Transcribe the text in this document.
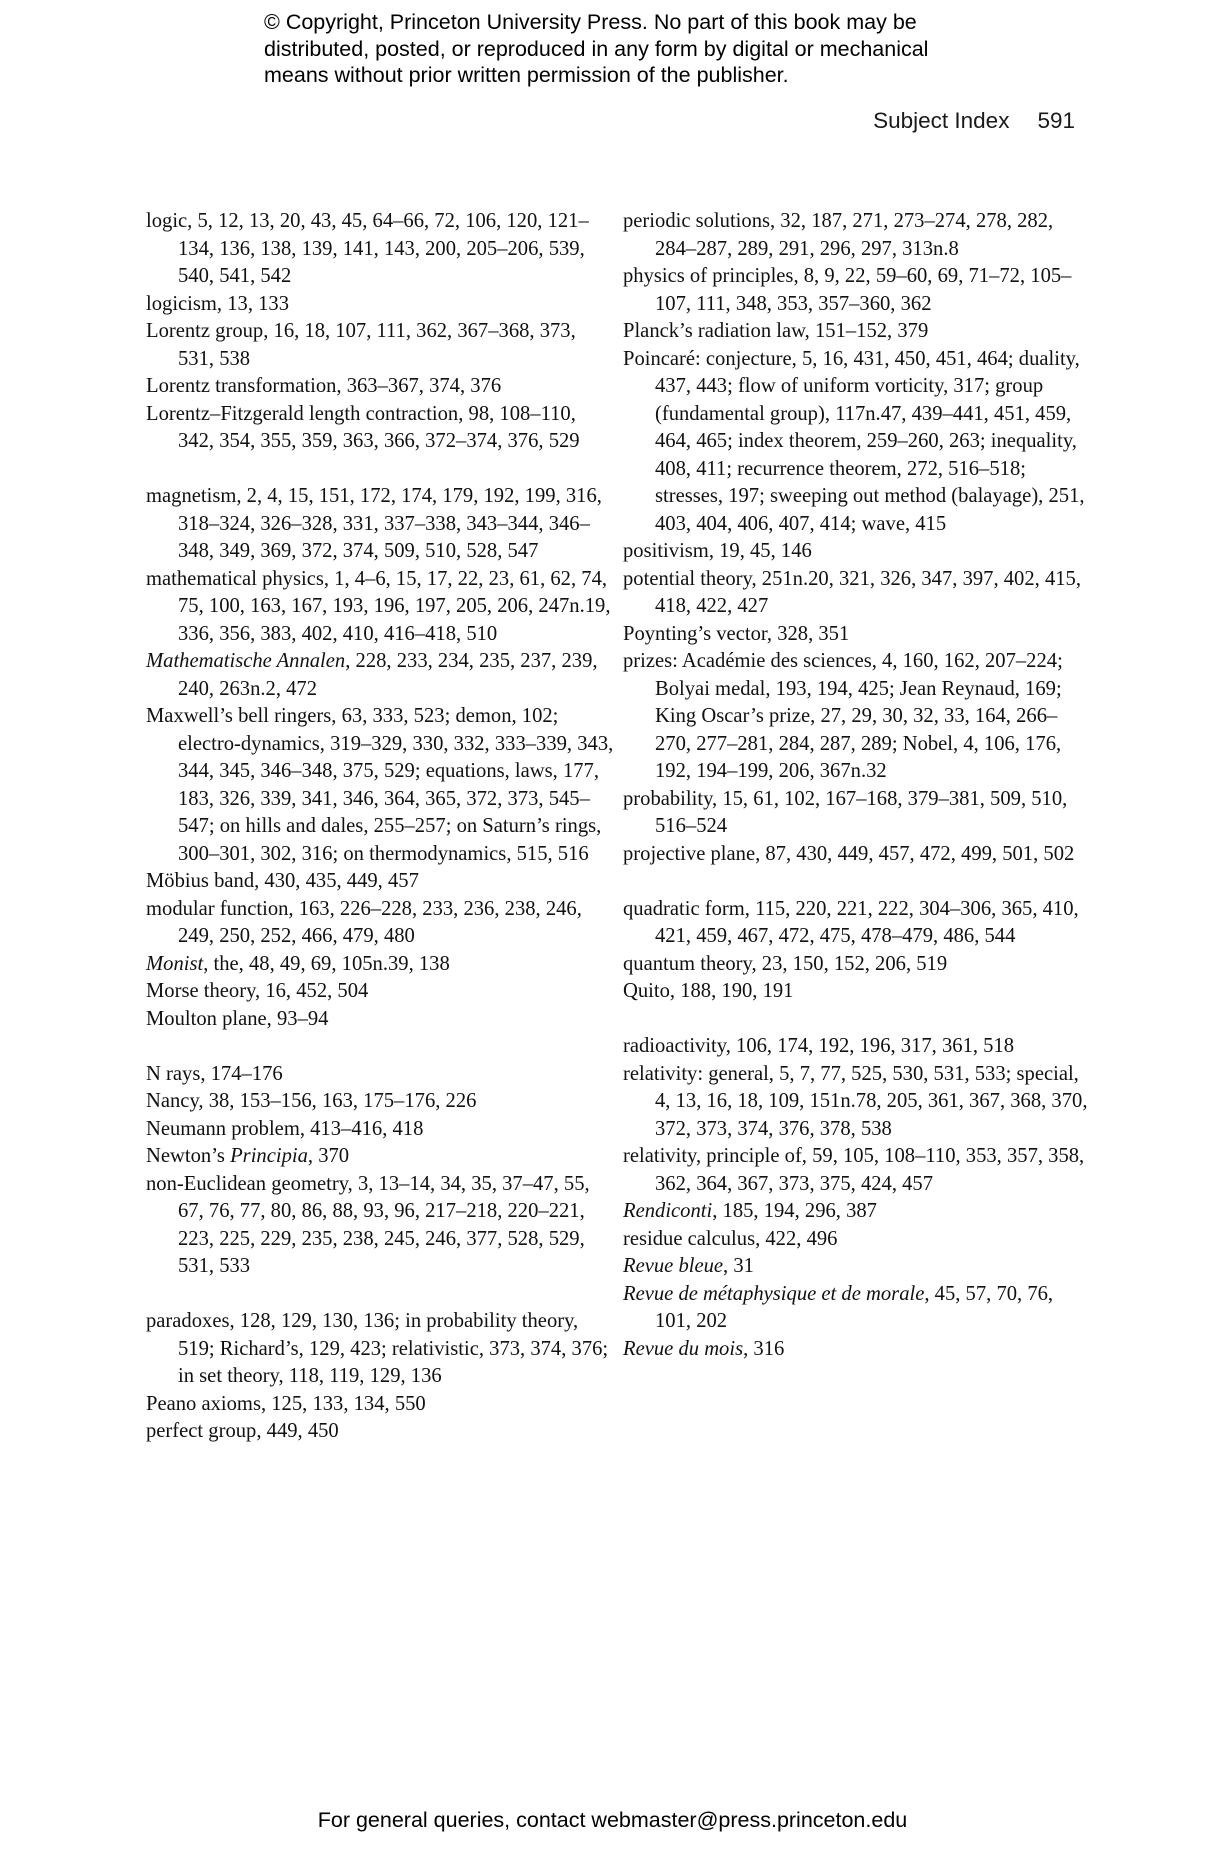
© Copyright, Princeton University Press. No part of this book may be
distributed, posted, or reproduced in any form by digital or mechanical
means without prior written permission of the publisher.
Subject Index 591
logic, 5, 12, 13, 20, 43, 45, 64–66, 72, 106, 120, 121–134, 136, 138, 139, 141, 143, 200, 205–206, 539, 540, 541, 542
logicism, 13, 133
Lorentz group, 16, 18, 107, 111, 362, 367–368, 373, 531, 538
Lorentz transformation, 363–367, 374, 376
Lorentz–Fitzgerald length contraction, 98, 108–110, 342, 354, 355, 359, 363, 366, 372–374, 376, 529
magnetism, 2, 4, 15, 151, 172, 174, 179, 192, 199, 316, 318–324, 326–328, 331, 337–338, 343–344, 346–348, 349, 369, 372, 374, 509, 510, 528, 547
mathematical physics, 1, 4–6, 15, 17, 22, 23, 61, 62, 74, 75, 100, 163, 167, 193, 196, 197, 205, 206, 247n.19, 336, 356, 383, 402, 410, 416–418, 510
Mathematische Annalen, 228, 233, 234, 235, 237, 239, 240, 263n.2, 472
Maxwell’s bell ringers, 63, 333, 523; demon, 102; electro-dynamics, 319–329, 330, 332, 333–339, 343, 344, 345, 346–348, 375, 529; equations, laws, 177, 183, 326, 339, 341, 346, 364, 365, 372, 373, 545–547; on hills and dales, 255–257; on Saturn’s rings, 300–301, 302, 316; on thermodynamics, 515, 516
Möbius band, 430, 435, 449, 457
modular function, 163, 226–228, 233, 236, 238, 246, 249, 250, 252, 466, 479, 480
Monist, the, 48, 49, 69, 105n.39, 138
Morse theory, 16, 452, 504
Moulton plane, 93–94
N rays, 174–176
Nancy, 38, 153–156, 163, 175–176, 226
Neumann problem, 413–416, 418
Newton’s Principia, 370
non-Euclidean geometry, 3, 13–14, 34, 35, 37–47, 55, 67, 76, 77, 80, 86, 88, 93, 96, 217–218, 220–221, 223, 225, 229, 235, 238, 245, 246, 377, 528, 529, 531, 533
paradoxes, 128, 129, 130, 136; in probability theory, 519; Richard’s, 129, 423; relativistic, 373, 374, 376; in set theory, 118, 119, 129, 136
Peano axioms, 125, 133, 134, 550
perfect group, 449, 450
periodic solutions, 32, 187, 271, 273–274, 278, 282, 284–287, 289, 291, 296, 297, 313n.8
physics of principles, 8, 9, 22, 59–60, 69, 71–72, 105–107, 111, 348, 353, 357–360, 362
Planck’s radiation law, 151–152, 379
Poincaré: conjecture, 5, 16, 431, 450, 451, 464; duality, 437, 443; flow of uniform vorticity, 317; group (fundamental group), 117n.47, 439–441, 451, 459, 464, 465; index theorem, 259–260, 263; inequality, 408, 411; recurrence theorem, 272, 516–518; stresses, 197; sweeping out method (balayage), 251, 403, 404, 406, 407, 414; wave, 415
positivism, 19, 45, 146
potential theory, 251n.20, 321, 326, 347, 397, 402, 415, 418, 422, 427
Poynting’s vector, 328, 351
prizes: Académie des sciences, 4, 160, 162, 207–224; Bolyai medal, 193, 194, 425; Jean Reynaud, 169; King Oscar’s prize, 27, 29, 30, 32, 33, 164, 266–270, 277–281, 284, 287, 289; Nobel, 4, 106, 176, 192, 194–199, 206, 367n.32
probability, 15, 61, 102, 167–168, 379–381, 509, 510, 516–524
projective plane, 87, 430, 449, 457, 472, 499, 501, 502
quadratic form, 115, 220, 221, 222, 304–306, 365, 410, 421, 459, 467, 472, 475, 478–479, 486, 544
quantum theory, 23, 150, 152, 206, 519
Quito, 188, 190, 191
radioactivity, 106, 174, 192, 196, 317, 361, 518
relativity: general, 5, 7, 77, 525, 530, 531, 533; special, 4, 13, 16, 18, 109, 151n.78, 205, 361, 367, 368, 370, 372, 373, 374, 376, 378, 538
relativity, principle of, 59, 105, 108–110, 353, 357, 358, 362, 364, 367, 373, 375, 424, 457
Rendiconti, 185, 194, 296, 387
residue calculus, 422, 496
Revue bleue, 31
Revue de métaphysique et de morale, 45, 57, 70, 76, 101, 202
Revue du mois, 316
For general queries, contact webmaster@press.princeton.edu
